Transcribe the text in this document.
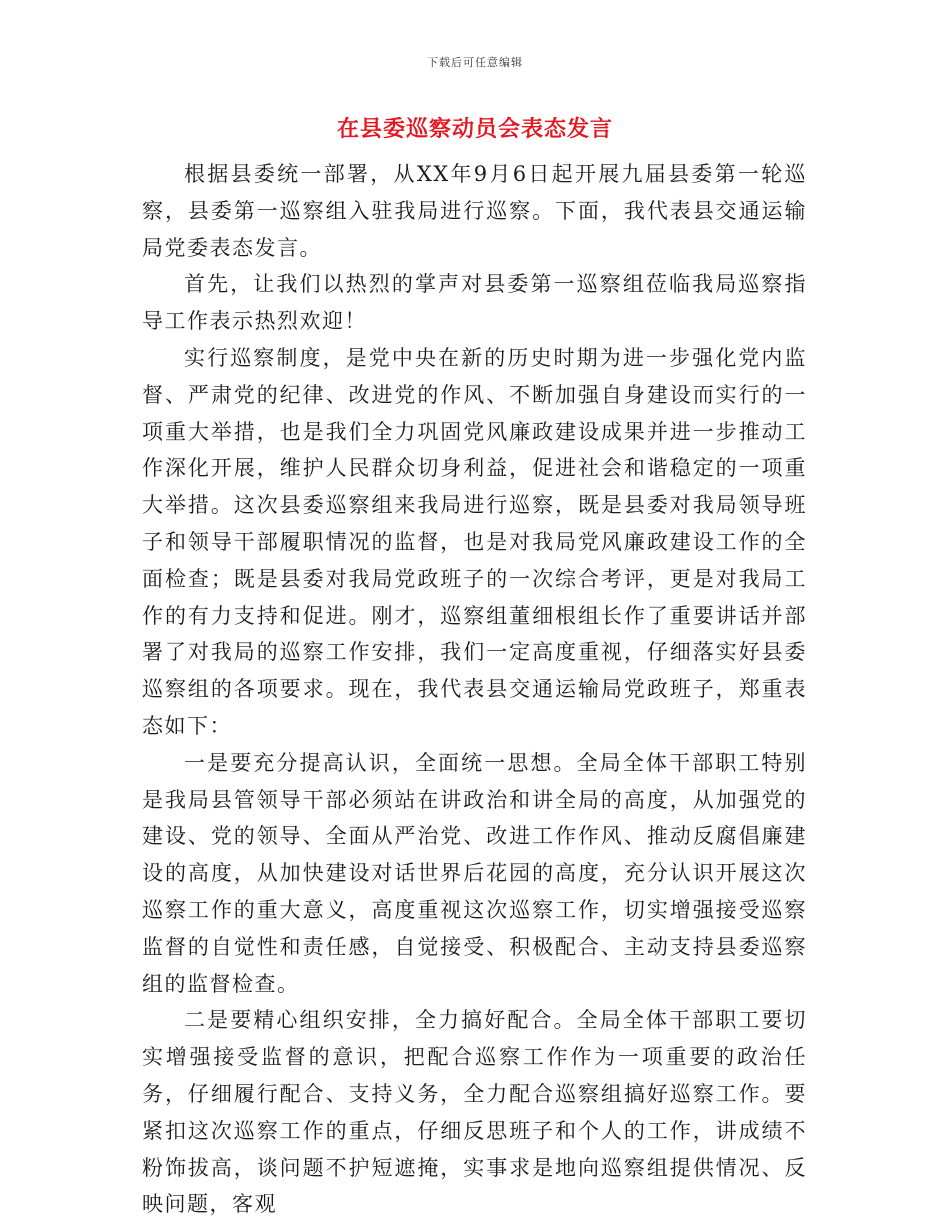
下载后可任意编辑
在县委巡察动员会表态发言

根据县委统一部署，从XX年9月6日起开展九届县委第一轮巡察，县委第一巡察组入驻我局进行巡察。下面，我代表县交通运输局党委表态发言。

首先，让我们以热烈的掌声对县委第一巡察组莅临我局巡察指导工作表示热烈欢迎！

实行巡察制度，是党中央在新的历史时期为进一步强化党内监督、严肃党的纪律、改进党的作风、不断加强自身建设而实行的一项重大举措，也是我们全力巩固党风廉政建设成果并进一步推动工作深化开展，维护人民群众切身利益，促进社会和谐稳定的一项重大举措。这次县委巡察组来我局进行巡察，既是县委对我局领导班子和领导干部履职情况的监督，也是对我局党风廉政建设工作的全面检查；既是县委对我局党政班子的一次综合考评，更是对我局工作的有力支持和促进。刚才，巡察组董细根组长作了重要讲话并部署了对我局的巡察工作安排，我们一定高度重视，仔细落实好县委巡察组的各项要求。现在，我代表县交通运输局党政班子，郑重表态如下：

一是要充分提高认识，全面统一思想。全局全体干部职工特别是我局县管领导干部必须站在讲政治和讲全局的高度，从加强党的建设、党的领导、全面从严治党、改进工作作风、推动反腐倡廉建设的高度，从加快建设对话世界后花园的高度，充分认识开展这次巡察工作的重大意义，高度重视这次巡察工作，切实增强接受巡察监督的自觉性和责任感，自觉接受、积极配合、主动支持县委巡察组的监督检查。

二是要精心组织安排，全力搞好配合。全局全体干部职工要切实增强接受监督的意识，把配合巡察工作作为一项重要的政治任务，仔细履行配合、支持义务，全力配合巡察组搞好巡察工作。要紧扣这次巡察工作的重点，仔细反思班子和个人的工作，讲成绩不粉饰拔高，谈问题不护短遮掩，实事求是地向巡察组提供情况、反映问题，客观
